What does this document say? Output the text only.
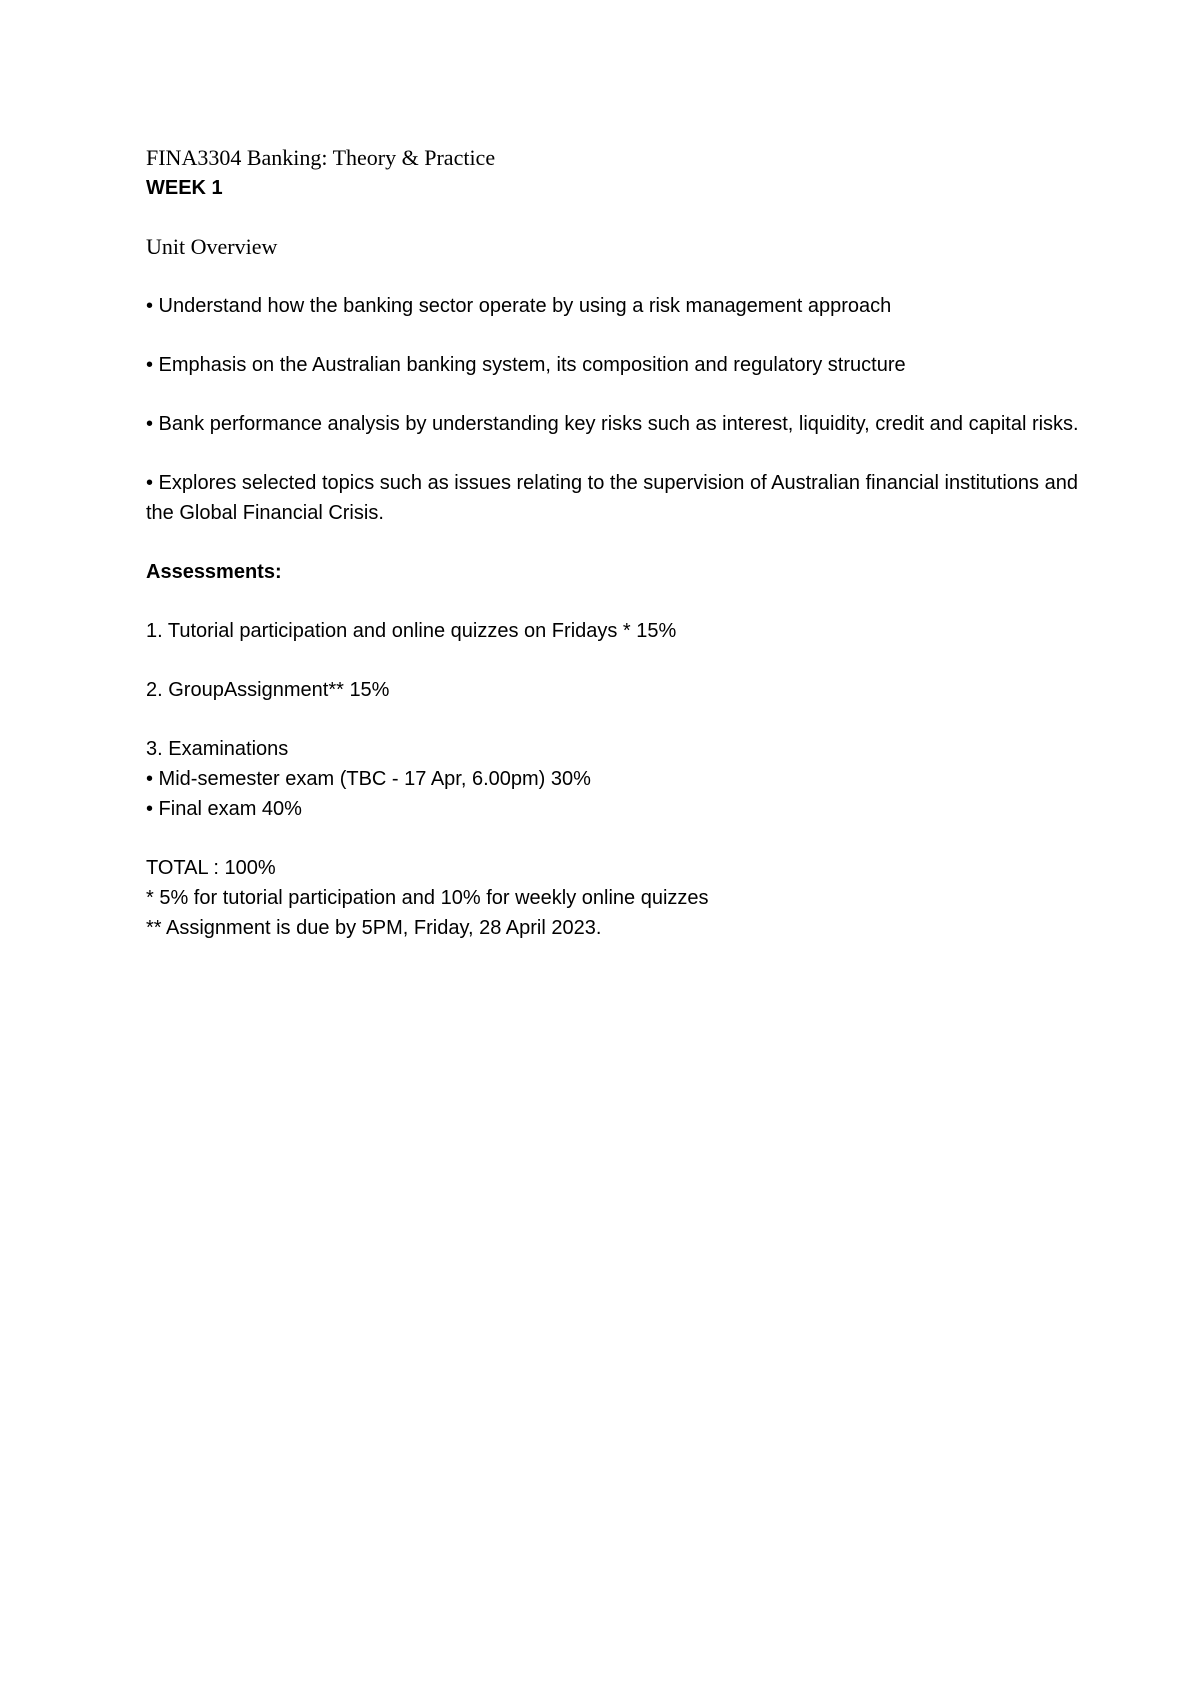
FINA3304 Banking: Theory & Practice
WEEK 1
Unit Overview

• Understand how the banking sector operate by using a risk management approach

• Emphasis on the Australian banking system, its composition and regulatory structure

• Bank performance analysis by understanding key risks such as interest, liquidity, credit and capital risks.

• Explores selected topics such as issues relating to the supervision of Australian financial institutions and the Global Financial Crisis.

Assessments:
1. Tutorial participation and online quizzes on Fridays * 15%
2. GroupAssignment** 15%
3. Examinations
• Mid-semester exam (TBC - 17 Apr, 6.00pm) 30%
• Final exam 40%
TOTAL : 100%
* 5% for tutorial participation and 10% for weekly online quizzes
** Assignment is due by 5PM, Friday, 28 April 2023.
